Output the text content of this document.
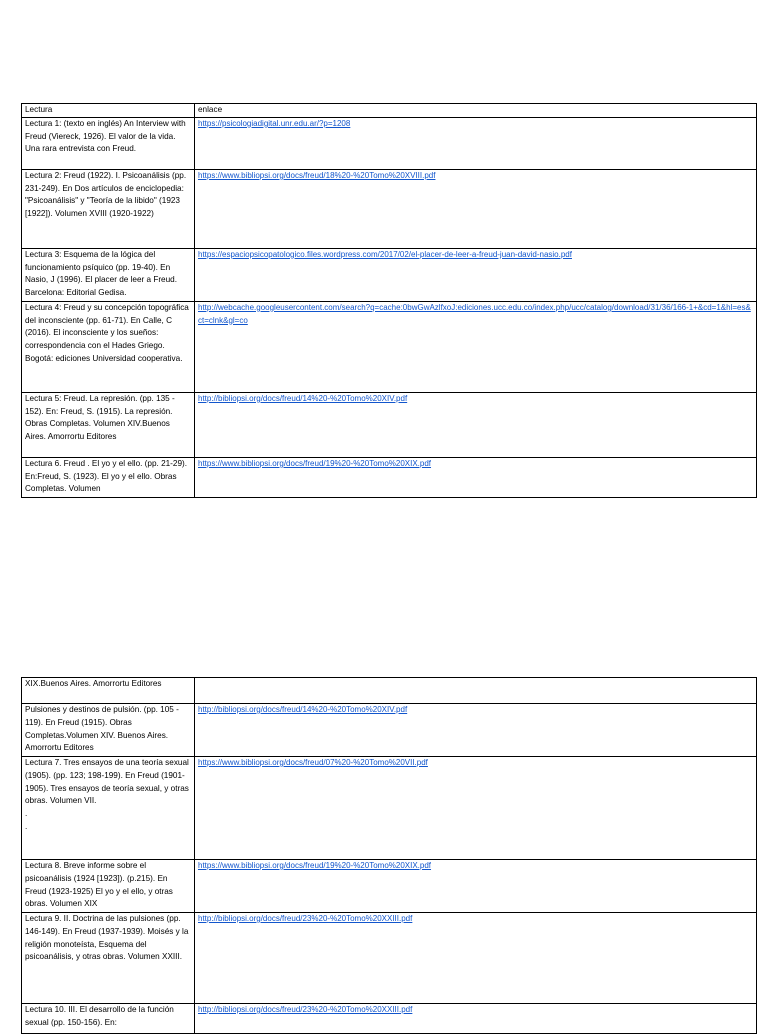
Lectura	enlace
Lectura 1: (texto en inglés) An Interview with Freud (Viereck, 1926). El valor de la vida. Una rara entrevista con Freud.	https://psicologiadigital.unr.edu.ar/?p=1208
Lectura 2: Freud (1922). I. Psicoanálisis (pp. 231-249). En Dos artículos de enciclopedia: "Psicoanálisis" y "Teoría de la libido" (1923 [1922]). Volumen XVIII (1920-1922)	https://www.bibliopsi.org/docs/freud/18%20-%20Tomo%20XVIII.pdf
Lectura 3: Esquema de la lógica del funcionamiento psíquico (pp. 19-40). En Nasio, J (1996). El placer de leer a Freud. Barcelona: Editorial Gedisa.	https://espaciopsicopatologico.files.wordpress.com/2017/02/el-placer-de-leer-a-freud-juan-david-nasio.pdf
Lectura 4: Freud y su concepción topográfica del inconsciente (pp. 61-71). En Calle, C (2016). El inconsciente y los sueños: correspondencia con el Hades Griego. Bogotá: ediciones Universidad cooperativa.	http://webcache.googleusercontent.com/search?q=cache:0bwGwAzlfxoJ:ediciones.ucc.edu.co/index.php/ucc/catalog/download/31/36/166-1+&cd=1&hl=es&ct=clnk&gl=co
Lectura 5: Freud. La represión. (pp. 135 - 152). En: Freud, S. (1915). La represión. Obras Completas. Volumen XIV.Buenos Aires. Amorrortu Editores	http://bibliopsi.org/docs/freud/14%20-%20Tomo%20XIV.pdf
Lectura 6. Freud . El yo y el ello. (pp. 21-29). En:Freud, S. (1923). El yo y el ello. Obras Completas. Volumen	https://www.bibliopsi.org/docs/freud/19%20-%20Tomo%20XIX.pdf
XIX.Buenos Aires. Amorrortu Editores	
Pulsiones y destinos de pulsión. (pp. 105 - 119). En Freud (1915). Obras Completas.Volumen XIV. Buenos Aires. Amorrortu Editores	http://bibliopsi.org/docs/freud/14%20-%20Tomo%20XIV.pdf

Lectura 7. Tres ensayos de una teoría sexual (1905). (pp. 123; 198-199). En Freud (1901-1905). Tres ensayos de teoría sexual, y otras obras. Volumen VII.
.
.	https://www.bibliopsi.org/docs/freud/07%20-%20Tomo%20VII.pdf
Lectura 8. Breve informe sobre el psicoanálisis (1924 [1923]). (p.215). En Freud (1923-1925) El yo y el ello, y otras obras. Volumen XIX	https://www.bibliopsi.org/docs/freud/19%20-%20Tomo%20XIX.pdf
Lectura 9. II. Doctrina de las pulsiones (pp. 146-149). En Freud (1937-1939). Moisés y la religión monoteísta, Esquema del psicoanálisis, y otras obras. Volumen XXIII.	http://bibliopsi.org/docs/freud/23%20-%20Tomo%20XXIII.pdf
Lectura 10. III. El desarrollo de la función sexual (pp. 150-156). En:	http://bibliopsi.org/docs/freud/23%20-%20Tomo%20XXIII.pdf
